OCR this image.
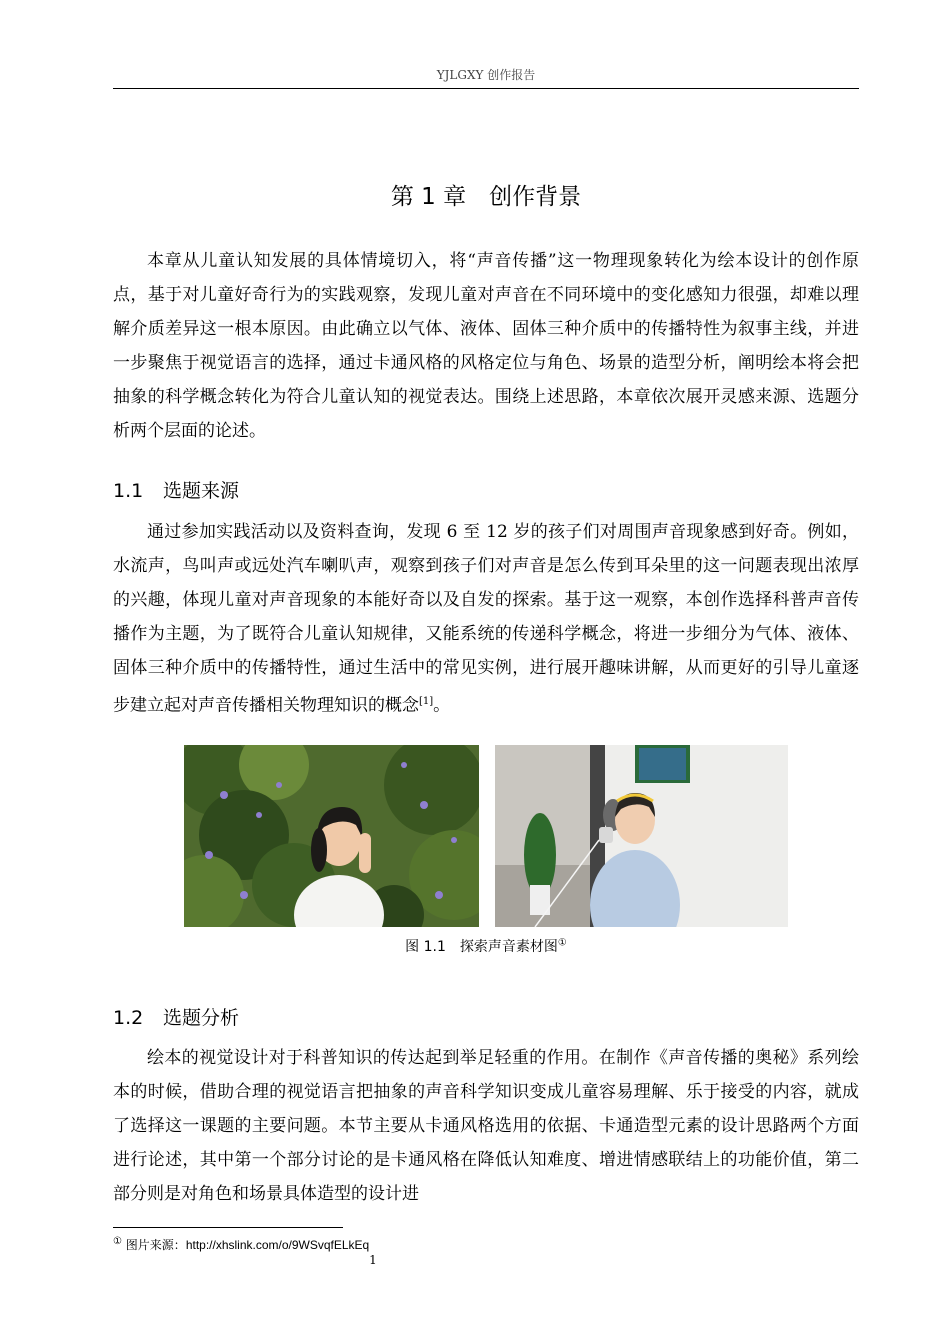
YJLGXY 创作报告
第 1 章　创作背景

本章从儿童认知发展的具体情境切入，将“声音传播”这一物理现象转化为绘本设计的创作原点，基于对儿童好奇行为的实践观察，发现儿童对声音在不同环境中的变化感知力很强，却难以理解介质差异这一根本原因。由此确立以气体、液体、固体三种介质中的传播特性为叙事主线，并进一步聚焦于视觉语言的选择，通过卡通风格的风格定位与角色、场景的造型分析，阐明绘本将会把抽象的科学概念转化为符合儿童认知的视觉表达。围绕上述思路，本章依次展开灵感来源、选题分析两个层面的论述。

1.1 选题来源

通过参加实践活动以及资料查询，发现 6 至 12 岁的孩子们对周围声音现象感到好奇。例如，水流声，鸟叫声或远处汽车喇叭声，观察到孩子们对声音是怎么传到耳朵里的这一问题表现出浓厚的兴趣，体现儿童对声音现象的本能好奇以及自发的探索。基于这一观察，本创作选择科普声音传播作为主题，为了既符合儿童认知规律，又能系统的传递科学概念，将进一步细分为气体、液体、固体三种介质中的传播特性，通过生活中的常见实例，进行展开趣味讲解，从而更好的引导儿童逐步建立起对声音传播相关物理知识的概念[1]。

图 1.1 探索声音素材图①
1.2 选题分析

绘本的视觉设计对于科普知识的传达起到举足轻重的作用。在制作《声音传播的奥秘》系列绘本的时候，借助合理的视觉语言把抽象的声音科学知识变成儿童容易理解、乐于接受的内容，就成了选择这一课题的主要问题。本节主要从卡通风格选用的依据、卡通造型元素的设计思路两个方面进行论述，其中第一个部分讨论的是卡通风格在降低认知难度、增进情感联结上的功能价值，第二部分则是对角色和场景具体造型的设计进

① 图片来源：http://xhslink.com/o/9WSvqfELkEq
1
